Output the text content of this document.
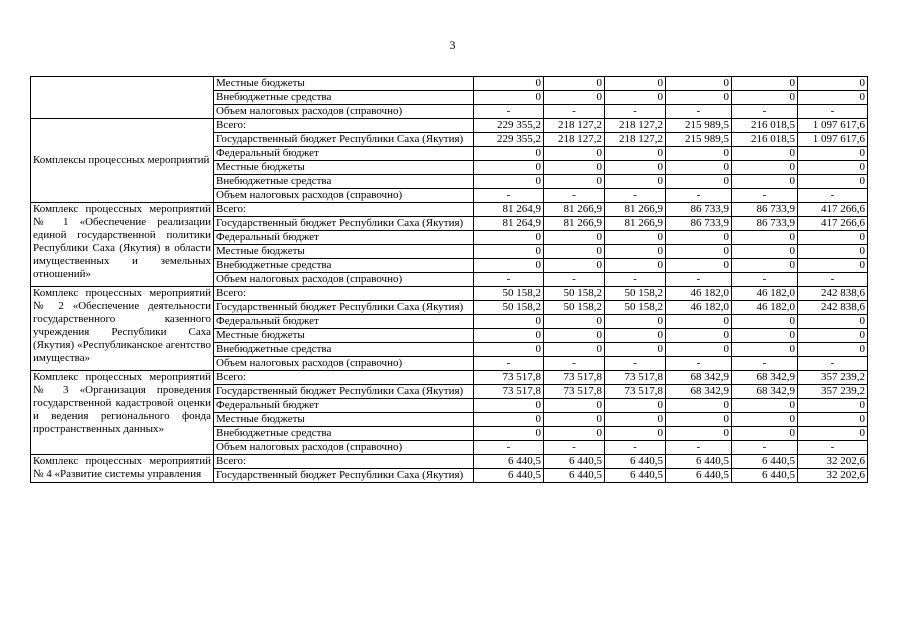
3
	Местные бюджеты	0	0	0	0	0	0
	Внебюджетные средства	0	0	0	0	0	0
	Объем налоговых расходов (справочно)	-	-	-	-	-	-
Комплексы процессных мероприятий	Всего:	229 355,2	218 127,2	218 127,2	215 989,5	216 018,5	1 097 617,6
	Государственный бюджет Республики Саха (Якутия)	229 355,2	218 127,2	218 127,2	215 989,5	216 018,5	1 097 617,6
	Федеральный бюджет	0	0	0	0	0	0
	Местные бюджеты	0	0	0	0	0	0
	Внебюджетные средства	0	0	0	0	0	0
	Объем налоговых расходов (справочно)	-	-	-	-	-	-
Комплекс процессных мероприятий № 1 «Обеспечение реализации единой государственной политики Республики Саха (Якутия) в области имущественных и земельных отношений»	Всего:	81 264,9	81 266,9	81 266,9	86 733,9	86 733,9	417 266,6
	Государственный бюджет Республики Саха (Якутия)	81 264,9	81 266,9	81 266,9	86 733,9	86 733,9	417 266,6
	Федеральный бюджет	0	0	0	0	0	0
	Местные бюджеты	0	0	0	0	0	0
	Внебюджетные средства	0	0	0	0	0	0
	Объем налоговых расходов (справочно)	-	-	-	-	-	-
Комплекс процессных мероприятий № 2 «Обеспечение деятельности государственного казенного учреждения Республики Саха (Якутия) «Республиканское агентство имущества»	Всего:	50 158,2	50 158,2	50 158,2	46 182,0	46 182,0	242 838,6
	Государственный бюджет Республики Саха (Якутия)	50 158,2	50 158,2	50 158,2	46 182,0	46 182,0	242 838,6
	Федеральный бюджет	0	0	0	0	0	0
	Местные бюджеты	0	0	0	0	0	0
	Внебюджетные средства	0	0	0	0	0	0
	Объем налоговых расходов (справочно)	-	-	-	-	-	-
Комплекс процессных мероприятий № 3 «Организация проведения государственной кадастровой оценки и ведения регионального фонда пространственных данных»	Всего:	73 517,8	73 517,8	73 517,8	68 342,9	68 342,9	357 239,2
	Государственный бюджет Республики Саха (Якутия)	73 517,8	73 517,8	73 517,8	68 342,9	68 342,9	357 239,2
	Федеральный бюджет	0	0	0	0	0	0
	Местные бюджеты	0	0	0	0	0	0
	Внебюджетные средства	0	0	0	0	0	0
	Объем налоговых расходов (справочно)	-	-	-	-	-	-
Комплекс процессных мероприятий № 4 «Развитие системы управления	Всего:	6 440,5	6 440,5	6 440,5	6 440,5	6 440,5	32 202,6
	Государственный бюджет Республики Саха (Якутия)	6 440,5	6 440,5	6 440,5	6 440,5	6 440,5	32 202,6
